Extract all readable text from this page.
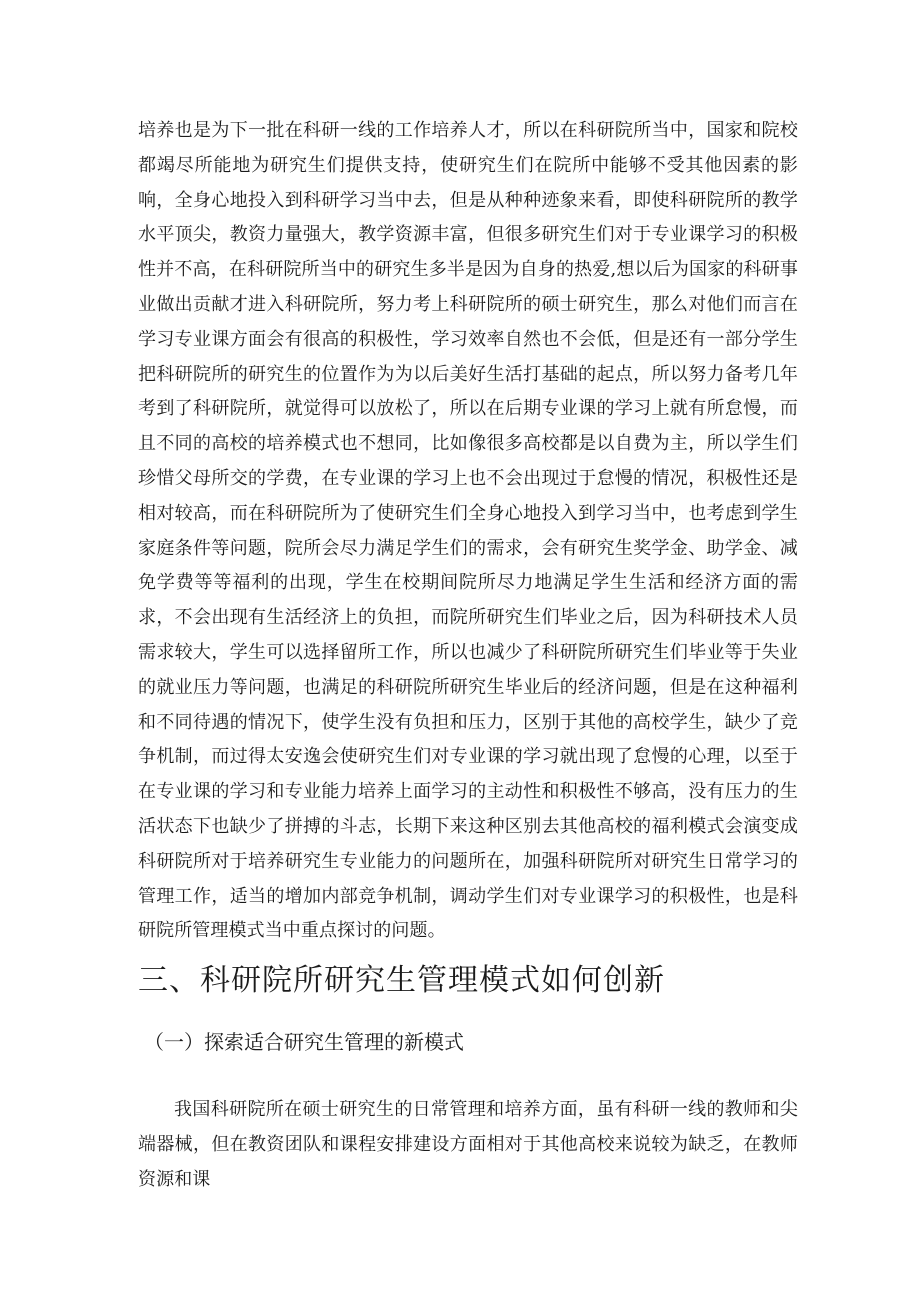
培养也是为下一批在科研一线的工作培养人才，所以在科研院所当中，国家和院校都竭尽所能地为研究生们提供支持，使研究生们在院所中能够不受其他因素的影响，全身心地投入到科研学习当中去，但是从种种迹象来看，即使科研院所的教学水平顶尖，教资力量强大，教学资源丰富，但很多研究生们对于专业课学习的积极性并不高，在科研院所当中的研究生多半是因为自身的热爱,想以后为国家的科研事业做出贡献才进入科研院所，努力考上科研院所的硕士研究生，那么对他们而言在学习专业课方面会有很高的积极性，学习效率自然也不会低，但是还有一部分学生把科研院所的研究生的位置作为为以后美好生活打基础的起点，所以努力备考几年考到了科研院所，就觉得可以放松了，所以在后期专业课的学习上就有所怠慢，而且不同的高校的培养模式也不想同，比如像很多高校都是以自费为主，所以学生们珍惜父母所交的学费，在专业课的学习上也不会出现过于怠慢的情况，积极性还是相对较高，而在科研院所为了使研究生们全身心地投入到学习当中，也考虑到学生家庭条件等问题，院所会尽力满足学生们的需求，会有研究生奖学金、助学金、减免学费等等福利的出现，学生在校期间院所尽力地满足学生生活和经济方面的需求，不会出现有生活经济上的负担，而院所研究生们毕业之后，因为科研技术人员需求较大，学生可以选择留所工作，所以也减少了科研院所研究生们毕业等于失业的就业压力等问题，也满足的科研院所研究生毕业后的经济问题，但是在这种福利和不同待遇的情况下，使学生没有负担和压力，区别于其他的高校学生，缺少了竞争机制，而过得太安逸会使研究生们对专业课的学习就出现了怠慢的心理，以至于在专业课的学习和专业能力培养上面学习的主动性和积极性不够高，没有压力的生活状态下也缺少了拼搏的斗志，长期下来这种区别去其他高校的福利模式会演变成科研院所对于培养研究生专业能力的问题所在，加强科研院所对研究生日常学习的管理工作，适当的增加内部竞争机制，调动学生们对专业课学习的积极性，也是科研院所管理模式当中重点探讨的问题。

三、科研院所研究生管理模式如何创新
（一）探索适合研究生管理的新模式

我国科研院所在硕士研究生的日常管理和培养方面，虽有科研一线的教师和尖端器械，但在教资团队和课程安排建设方面相对于其他高校来说较为缺乏，在教师资源和课
